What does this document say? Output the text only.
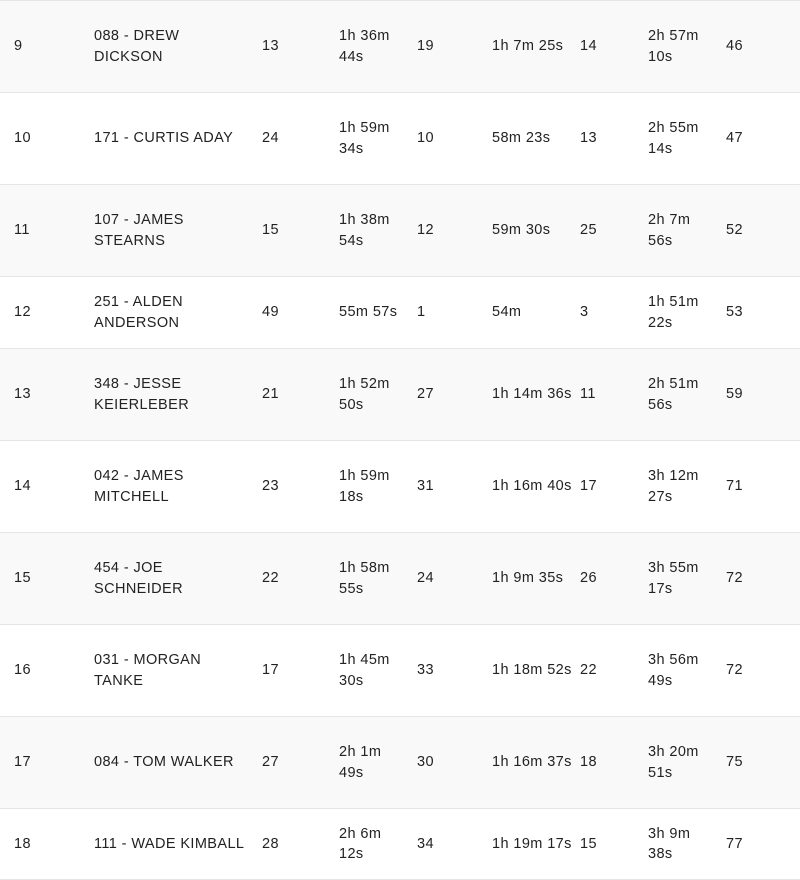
9	088 - DREW DICKSON	13	1h 36m 44s	19	1h 7m 25s	14	2h 57m 10s	46
10	171 - CURTIS ADAY	24	1h 59m 34s	10	58m 23s	13	2h 55m 14s	47
11	107 - JAMES STEARNS	15	1h 38m 54s	12	59m 30s	25	2h 7m 56s	52
12	251 - ALDEN ANDERSON	49	55m 57s	1	54m	3	1h 51m 22s	53
13	348 - JESSE KEIERLEBER	21	1h 52m 50s	27	1h 14m 36s	11	2h 51m 56s	59
14	042 - JAMES MITCHELL	23	1h 59m 18s	31	1h 16m 40s	17	3h 12m 27s	71
15	454 - JOE SCHNEIDER	22	1h 58m 55s	24	1h 9m 35s	26	3h 55m 17s	72
16	031 - MORGAN TANKE	17	1h 45m 30s	33	1h 18m 52s	22	3h 56m 49s	72
17	084 - TOM WALKER	27	2h 1m 49s	30	1h 16m 37s	18	3h 20m 51s	75
18	111 - WADE KIMBALL	28	2h 6m 12s	34	1h 19m 17s	15	3h 9m 38s	77
